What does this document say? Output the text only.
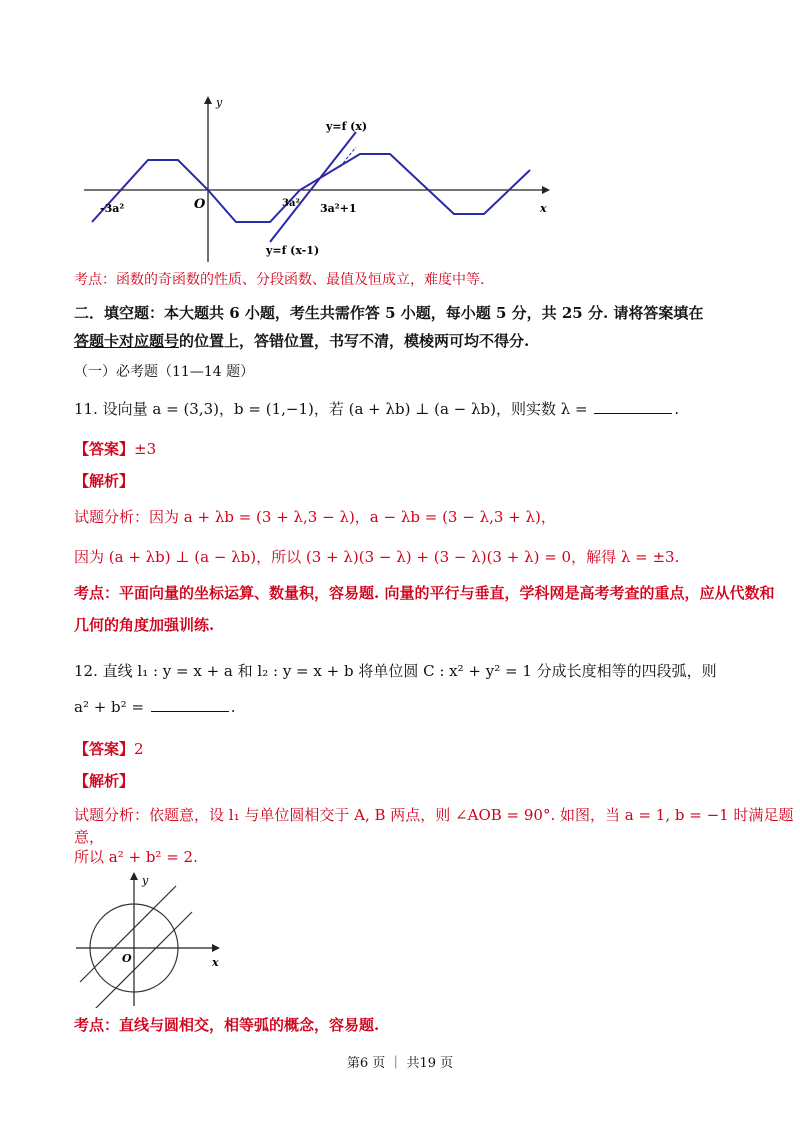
y
x
O
y=f (x)
y=f (x-1)
-3a²	3a² 3a²+1
考点：函数的奇函数的性质、分段函数、最值及恒成立，难度中等.
二．填空题：本大题共 6 小题，考生共需作答 5 小题，每小题 5 分，共 25 分. 请将答案填在
答题卡对应题号的位置上，答错位置，书写不清，模棱两可均不得分.
（一）必考题（11—14 题）
11. 设向量 a = (3,3)，b = (1,−1)，若 (a + λb) ⊥ (a − λb)，则实数 λ =	.
【答案】±3
【解析】
试题分析：因为 a + λb = (3 + λ,3 − λ)，a − λb = (3 − λ,3 + λ)，
因为 (a + λb) ⊥ (a − λb)，所以 (3 + λ)(3 − λ) + (3 − λ)(3 + λ) = 0，解得 λ = ±3.
考点：平面向量的坐标运算、数量积，容易题. 向量的平行与垂直，学科网是高考考查的重点，应从代数和
几何的角度加强训练.
12. 直线 l₁ : y = x + a 和 l₂ : y = x + b 将单位圆 C : x² + y² = 1 分成长度相等的四段弧，则
a² + b² =	.
【答案】2
【解析】
试题分析：依题意，设 l₁ 与单位圆相交于 A, B 两点，则 ∠AOB = 90°. 如图，当 a = 1, b = −1 时满足题意，
所以 a² + b² = 2.
y
x
O
考点：直线与圆相交，相等弧的概念，容易题.
第6 页 ｜ 共19 页
